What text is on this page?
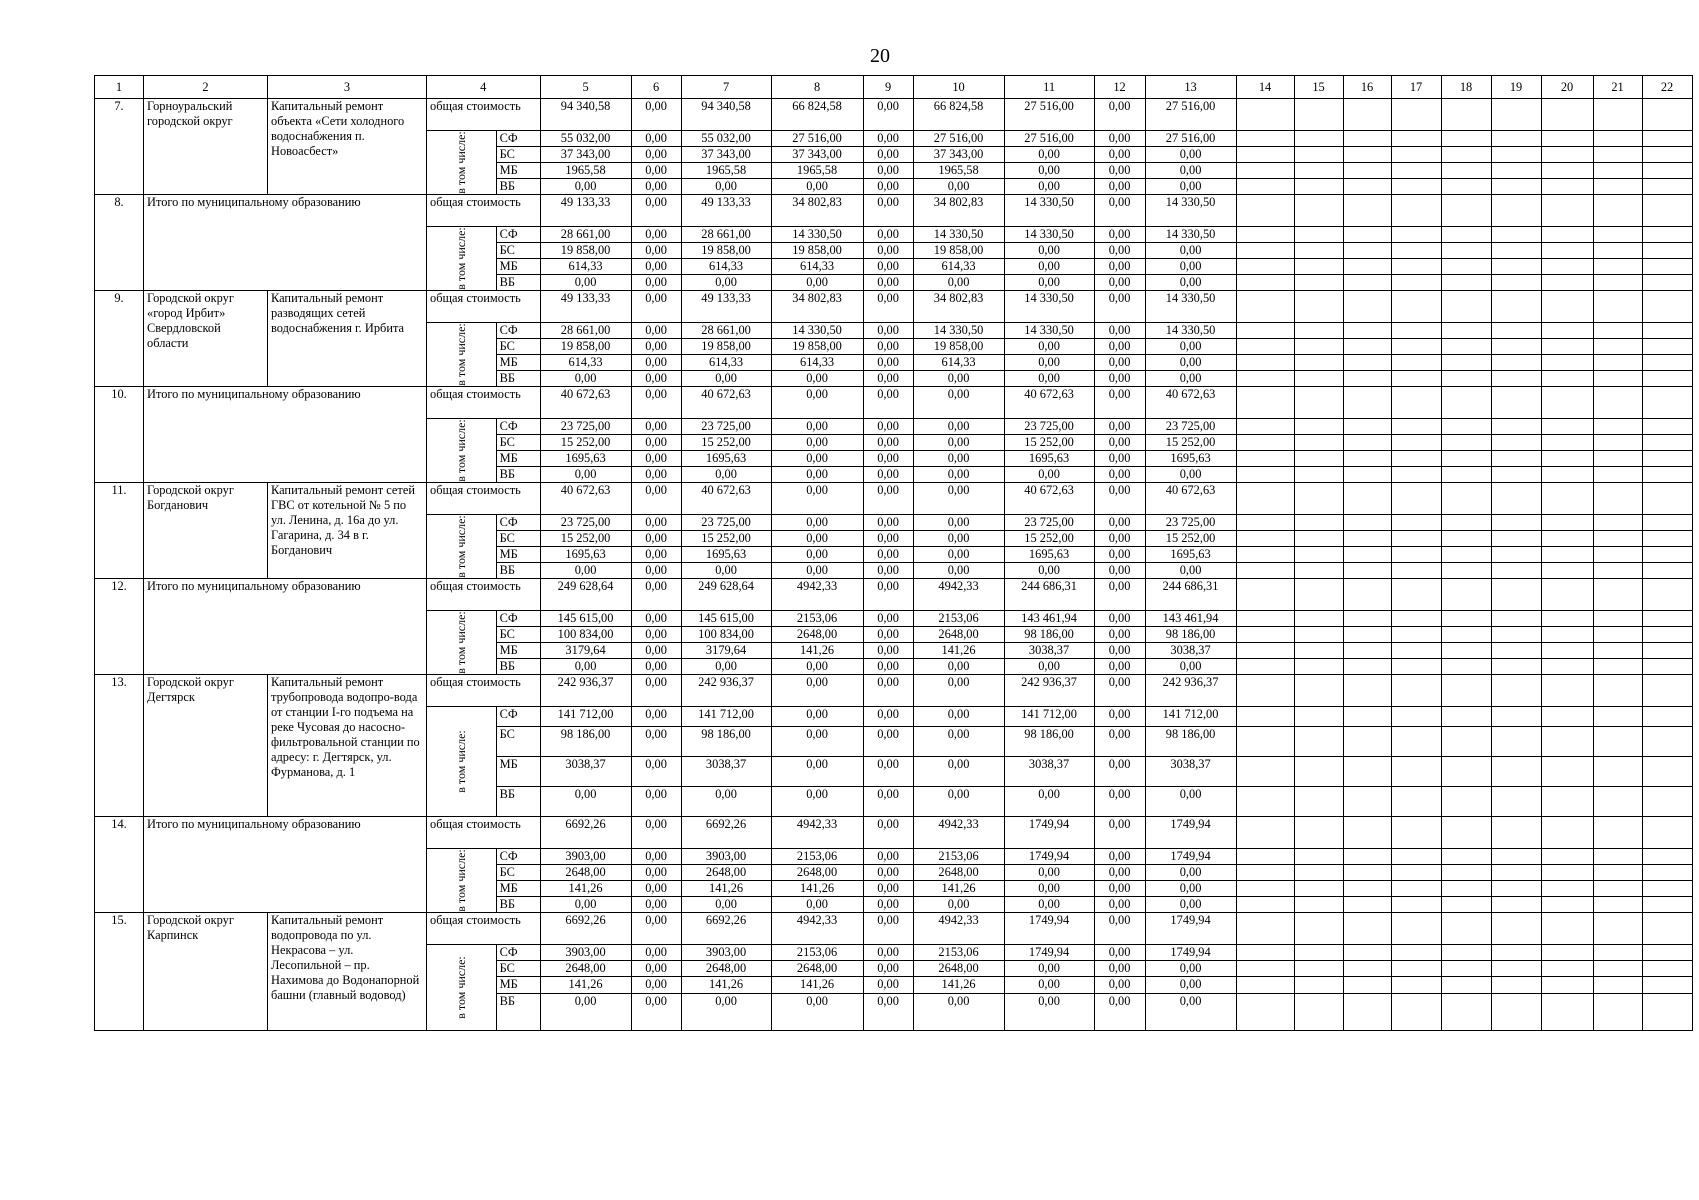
20
1	2	3	4		5	6	7	8	9	10	11	12	13	14	15	16	17	18	19	20	21	22
7.	Горноуральский городской округ	Капитальный ремонт объекта «Сети холодного водоснабжения п. Новоасбест»	общая стоимость		94 340,58	0,00	94 340,58	66 824,58	0,00	66 824,58	27 516,00	0,00	27 516,00									
			в том числе:	СФ	55 032,00	0,00	55 032,00	27 516,00	0,00	27 516,00	27 516,00	0,00	27 516,00									
				БС	37 343,00	0,00	37 343,00	37 343,00	0,00	37 343,00	0,00	0,00	0,00									
				МБ	1965,58	0,00	1965,58	1965,58	0,00	1965,58	0,00	0,00	0,00									
				ВБ	0,00	0,00	0,00	0,00	0,00	0,00	0,00	0,00	0,00									
8.	Итого по муниципальному образованию		общая стоимость		49 133,33	0,00	49 133,33	34 802,83	0,00	34 802,83	14 330,50	0,00	14 330,50									
			в том числе:	СФ	28 661,00	0,00	28 661,00	14 330,50	0,00	14 330,50	14 330,50	0,00	14 330,50									
				БС	19 858,00	0,00	19 858,00	19 858,00	0,00	19 858,00	0,00	0,00	0,00									
				МБ	614,33	0,00	614,33	614,33	0,00	614,33	0,00	0,00	0,00									
				ВБ	0,00	0,00	0,00	0,00	0,00	0,00	0,00	0,00	0,00									
9.	Городской округ «город Ирбит» Свердловской области	Капитальный ремонт разводящих сетей водоснабжения г. Ирбита	общая стоимость		49 133,33	0,00	49 133,33	34 802,83	0,00	34 802,83	14 330,50	0,00	14 330,50									
			в том числе:	СФ	28 661,00	0,00	28 661,00	14 330,50	0,00	14 330,50	14 330,50	0,00	14 330,50									
				БС	19 858,00	0,00	19 858,00	19 858,00	0,00	19 858,00	0,00	0,00	0,00									
				МБ	614,33	0,00	614,33	614,33	0,00	614,33	0,00	0,00	0,00									
				ВБ	0,00	0,00	0,00	0,00	0,00	0,00	0,00	0,00	0,00									
10.	Итого по муниципальному образованию		общая стоимость		40 672,63	0,00	40 672,63	0,00	0,00	0,00	40 672,63	0,00	40 672,63									
			в том числе:	СФ	23 725,00	0,00	23 725,00	0,00	0,00	0,00	23 725,00	0,00	23 725,00									
				БС	15 252,00	0,00	15 252,00	0,00	0,00	0,00	15 252,00	0,00	15 252,00									
				МБ	1695,63	0,00	1695,63	0,00	0,00	0,00	1695,63	0,00	1695,63									
				ВБ	0,00	0,00	0,00	0,00	0,00	0,00	0,00	0,00	0,00									
11.	Городской округ Богданович	Капитальный ремонт сетей ГВС от котельной № 5 по ул. Ленина, д. 16а до ул. Гагарина, д. 34 в г. Богданович	общая стоимость		40 672,63	0,00	40 672,63	0,00	0,00	0,00	40 672,63	0,00	40 672,63									
			в том числе:	СФ	23 725,00	0,00	23 725,00	0,00	0,00	0,00	23 725,00	0,00	23 725,00									
				БС	15 252,00	0,00	15 252,00	0,00	0,00	0,00	15 252,00	0,00	15 252,00									
				МБ	1695,63	0,00	1695,63	0,00	0,00	0,00	1695,63	0,00	1695,63									
				ВБ	0,00	0,00	0,00	0,00	0,00	0,00	0,00	0,00	0,00									
12.	Итого по муниципальному образованию		общая стоимость		249 628,64	0,00	249 628,64	4942,33	0,00	4942,33	244 686,31	0,00	244 686,31									
			в том числе:	СФ	145 615,00	0,00	145 615,00	2153,06	0,00	2153,06	143 461,94	0,00	143 461,94									
				БС	100 834,00	0,00	100 834,00	2648,00	0,00	2648,00	98 186,00	0,00	98 186,00									
				МБ	3179,64	0,00	3179,64	141,26	0,00	141,26	3038,37	0,00	3038,37									
				ВБ	0,00	0,00	0,00	0,00	0,00	0,00	0,00	0,00	0,00									
13.	Городской округ Дегтярск	Капитальный ремонт трубопровода водопро-вода от станции I-го подъема на реке Чусовая до насосно-фильтровальной станции по адресу: г. Дегтярск, ул. Фурманова, д. 1	общая стоимость		242 936,37	0,00	242 936,37	0,00	0,00	0,00	242 936,37	0,00	242 936,37									
			в том числе:	СФ	141 712,00	0,00	141 712,00	0,00	0,00	0,00	141 712,00	0,00	141 712,00									
				БС	98 186,00	0,00	98 186,00	0,00	0,00	0,00	98 186,00	0,00	98 186,00									
				МБ	3038,37	0,00	3038,37	0,00	0,00	0,00	3038,37	0,00	3038,37									
				ВБ	0,00	0,00	0,00	0,00	0,00	0,00	0,00	0,00	0,00									
14.	Итого по муниципальному образованию		общая стоимость		6692,26	0,00	6692,26	4942,33	0,00	4942,33	1749,94	0,00	1749,94									
			в том числе:	СФ	3903,00	0,00	3903,00	2153,06	0,00	2153,06	1749,94	0,00	1749,94									
				БС	2648,00	0,00	2648,00	2648,00	0,00	2648,00	0,00	0,00	0,00									
				МБ	141,26	0,00	141,26	141,26	0,00	141,26	0,00	0,00	0,00									
				ВБ	0,00	0,00	0,00	0,00	0,00	0,00	0,00	0,00	0,00									
15.	Городской округ Карпинск	Капитальный ремонт водопровода по ул. Некрасова – ул. Лесопильной – пр. Нахимова до Водонапорной башни (главный водовод)	общая стоимость		6692,26	0,00	6692,26	4942,33	0,00	4942,33	1749,94	0,00	1749,94									
			в том числе:	СФ	3903,00	0,00	3903,00	2153,06	0,00	2153,06	1749,94	0,00	1749,94									
				БС	2648,00	0,00	2648,00	2648,00	0,00	2648,00	0,00	0,00	0,00									
				МБ	141,26	0,00	141,26	141,26	0,00	141,26	0,00	0,00	0,00									
				ВБ	0,00	0,00	0,00	0,00	0,00	0,00	0,00	0,00	0,00									
